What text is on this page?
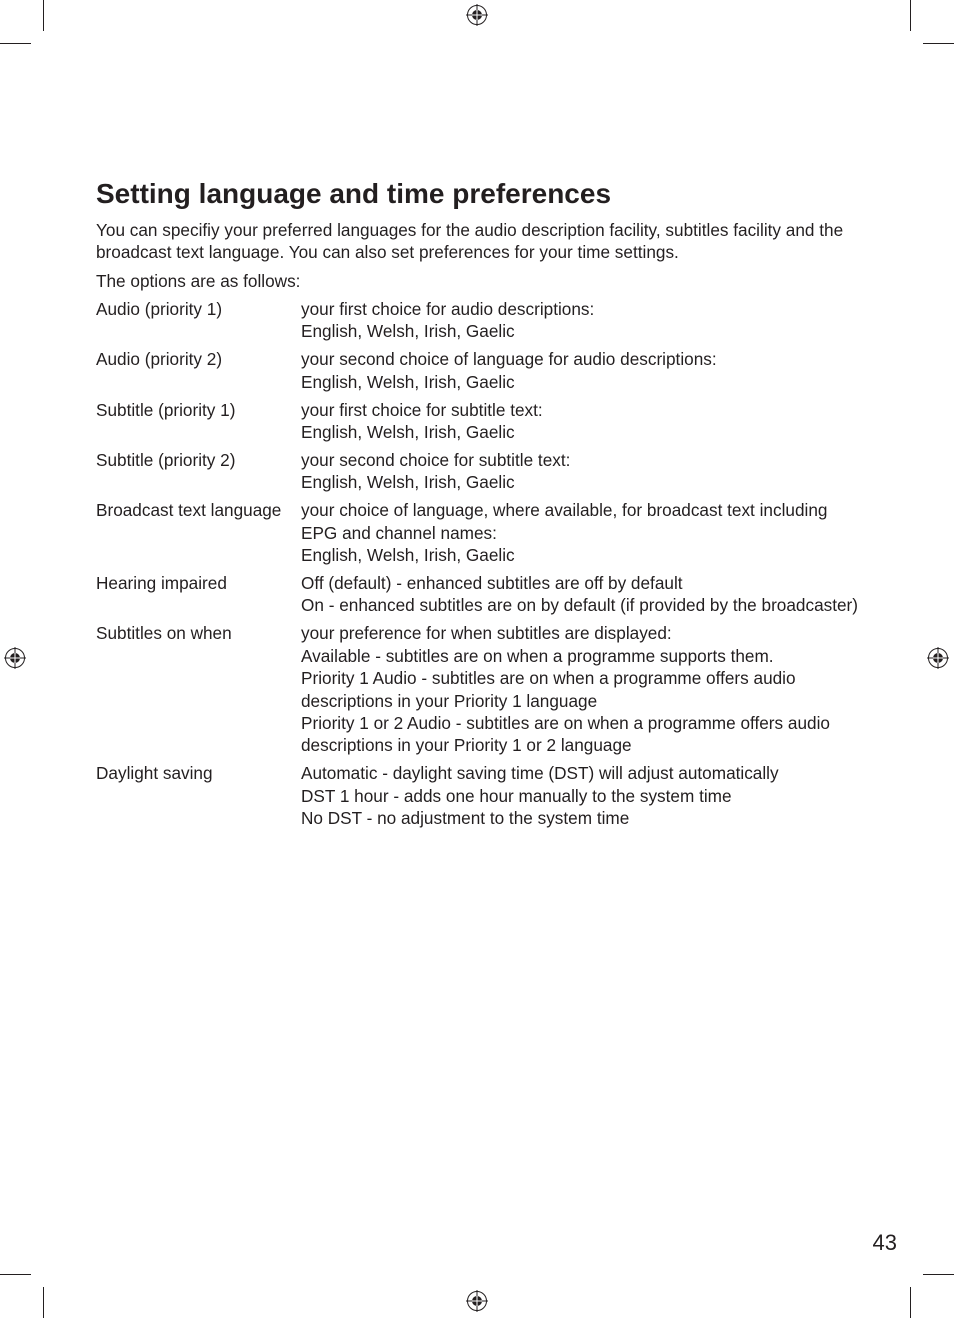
Setting language and time preferences

You can specifiy your preferred languages for the audio description facility, subtitles facility and the broadcast text language. You can also set preferences for your time settings.

The options are as follows:

Audio (priority 1)	your first choice for audio descriptions:
English, Welsh, Irish, Gaelic
Audio (priority 2)	your second choice of language for audio descriptions:
English, Welsh, Irish, Gaelic
Subtitle (priority 1)	your first choice for subtitle text:
English, Welsh, Irish, Gaelic
Subtitle (priority 2)	your second choice for subtitle text:
English, Welsh, Irish, Gaelic
Broadcast text language	your choice of language, where available, for broadcast text including EPG and channel names:
English, Welsh, Irish, Gaelic
Hearing impaired	Off (default) - enhanced subtitles are off by default
On - enhanced subtitles are on by default (if provided by the broadcaster)
Subtitles on when	your preference for when subtitles are displayed:
Available - subtitles are on when a programme supports them.
Priority 1 Audio - subtitles are on when a programme offers audio descriptions in your Priority 1 language
Priority 1 or 2 Audio - subtitles are on when a programme offers audio descriptions in your Priority 1 or 2 language
Daylight saving	Automatic - daylight saving time (DST) will adjust automatically
DST 1 hour - adds one hour manually to the system time
No DST - no adjustment to the system time
43
